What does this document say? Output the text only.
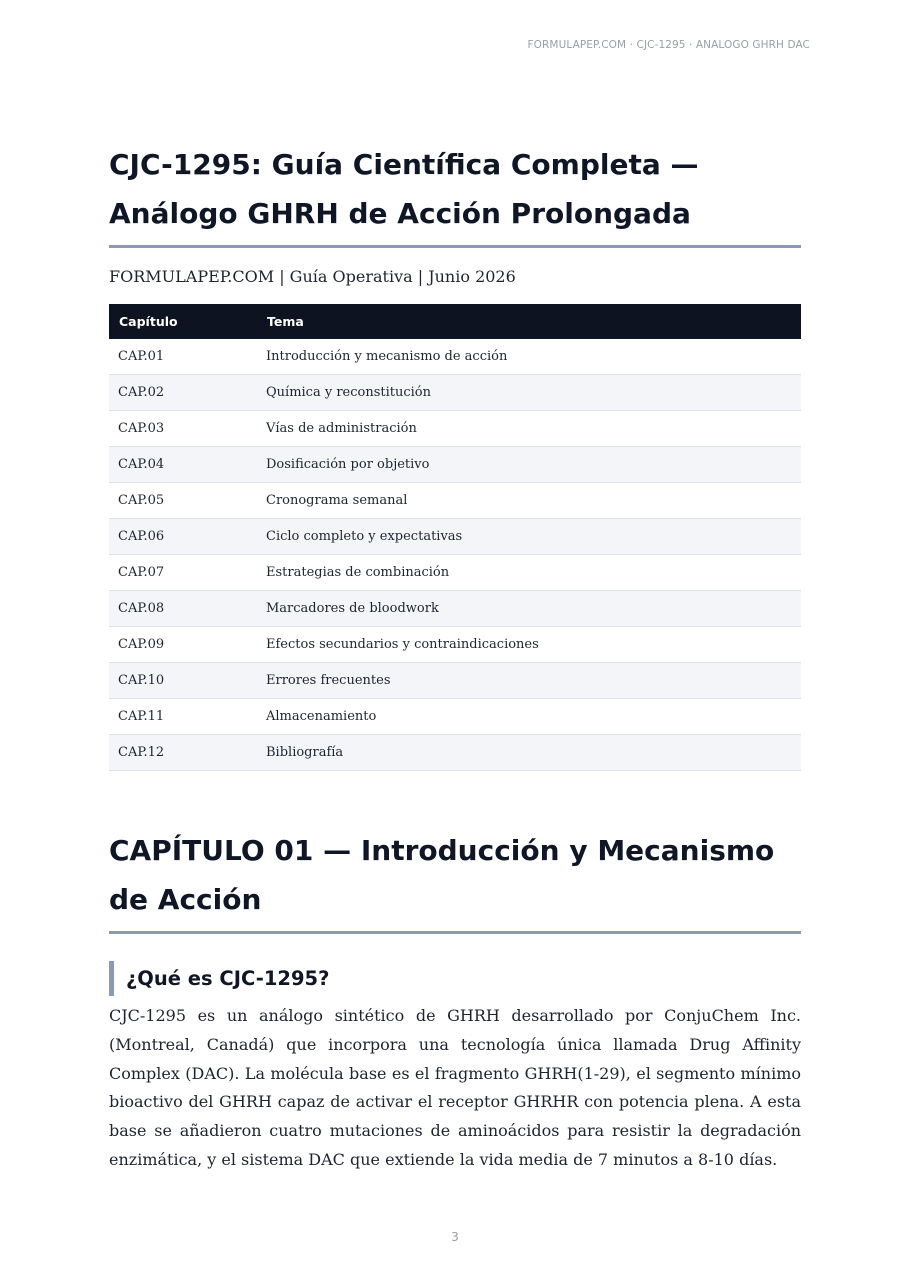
FORMULAPEP.COM · CJC-1295 · ANALOGO GHRH DAC
CJC-1295: Guía Científica Completa — Análogo GHRH de Acción Prolongada
FORMULAPEP.COM | Guía Operativa | Junio 2026
Capítulo	Tema
CAP.01	Introducción y mecanismo de acción
CAP.02	Química y reconstitución
CAP.03	Vías de administración
CAP.04	Dosificación por objetivo
CAP.05	Cronograma semanal
CAP.06	Ciclo completo y expectativas
CAP.07	Estrategias de combinación
CAP.08	Marcadores de bloodwork
CAP.09	Efectos secundarios y contraindicaciones
CAP.10	Errores frecuentes
CAP.11	Almacenamiento
CAP.12	Bibliografía
CAPÍTULO 01 — Introducción y Mecanismo de Acción
¿Qué es CJC-1295?

CJC-1295 es un análogo sintético de GHRH desarrollado por ConjuChem Inc. (Montreal, Canadá) que incorpora una tecnología única llamada Drug Affinity Complex (DAC). La molécula base es el fragmento GHRH(1-29), el segmento mínimo bioactivo del GHRH capaz de activar el receptor GHRHR con potencia plena. A esta base se añadieron cuatro mutaciones de aminoácidos para resistir la degradación enzimática, y el sistema DAC que extiende la vida media de 7 minutos a 8-10 días.

3
